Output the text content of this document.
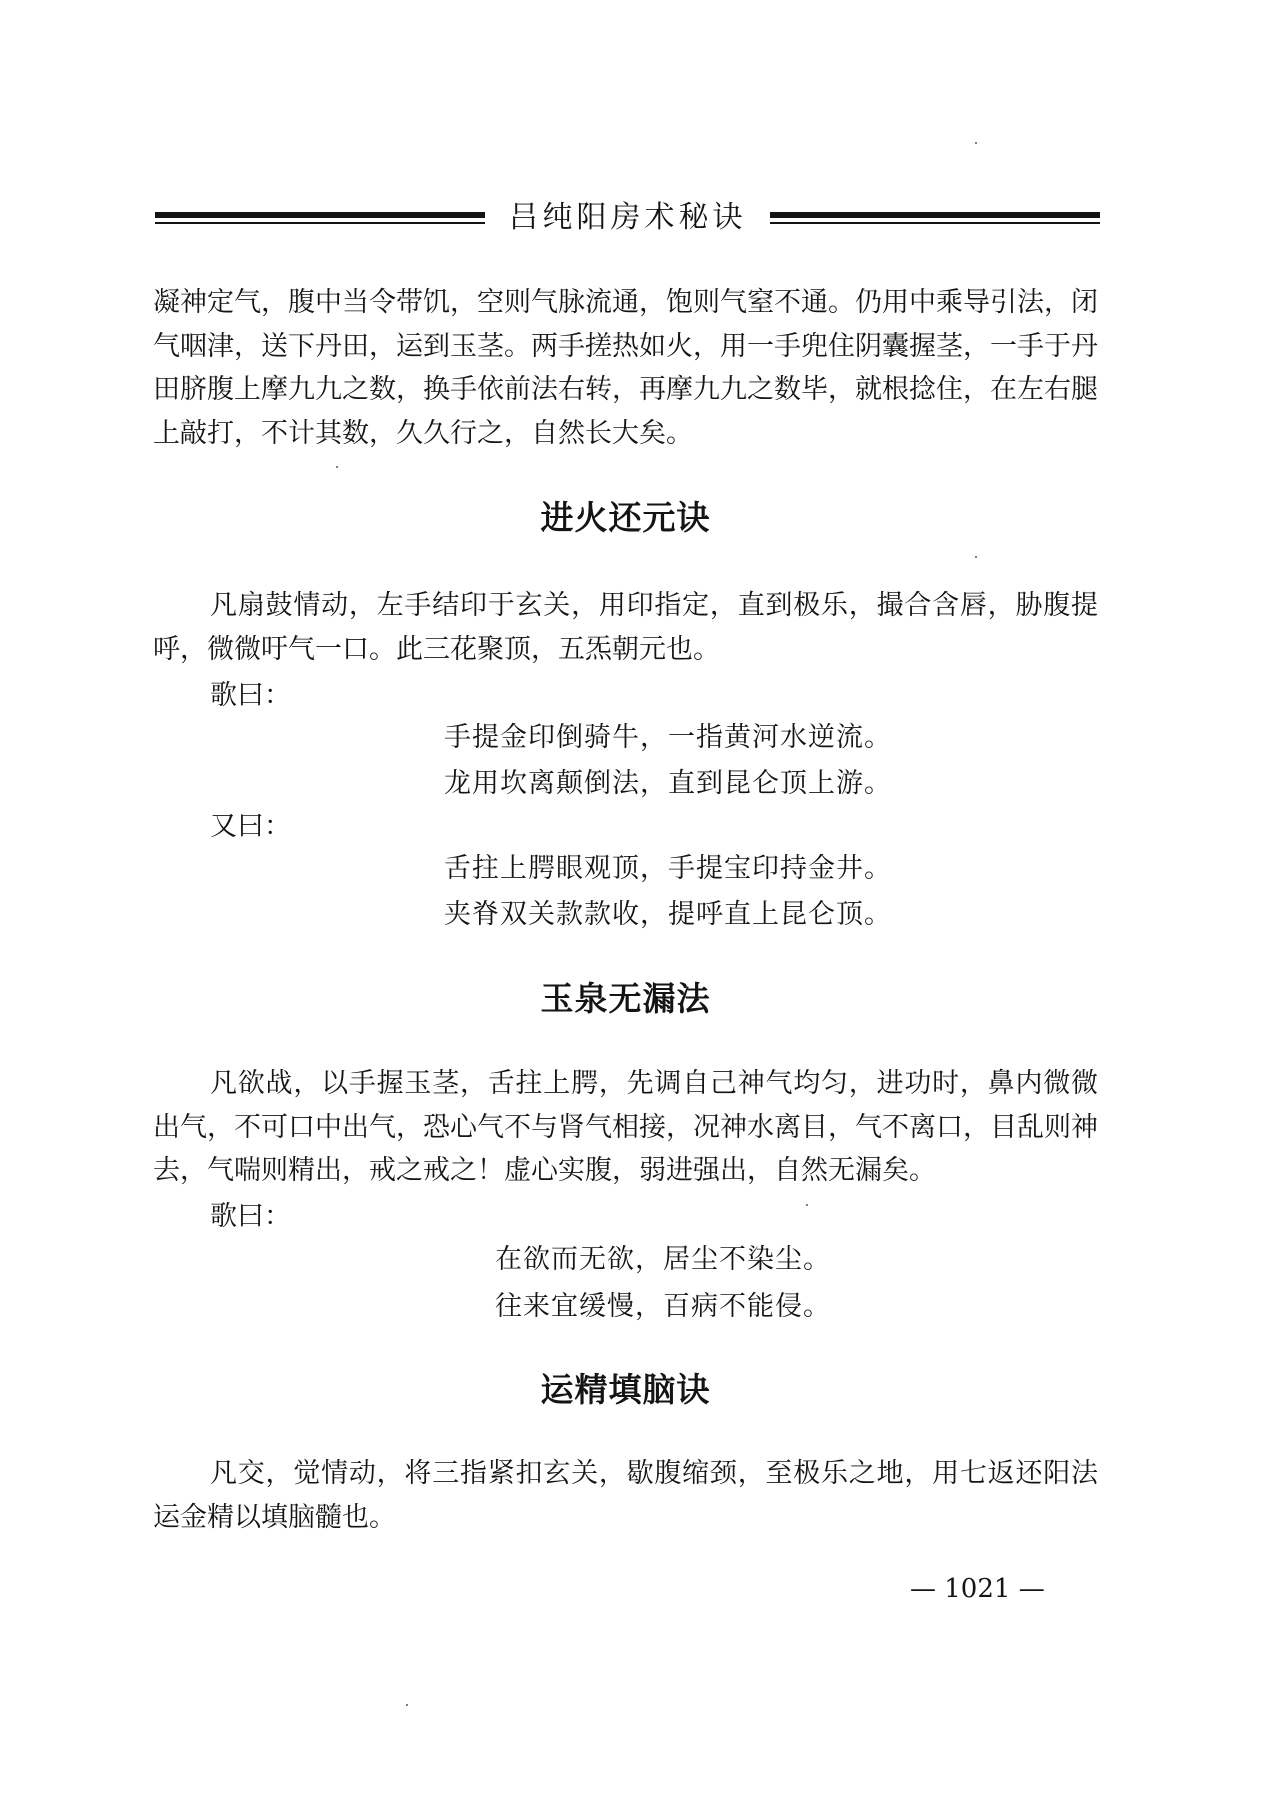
吕纯阳房术秘诀

凝神定气，腹中当令带饥，空则气脉流通，饱则气窒不通。仍用中乘导引法，闭气咽津，送下丹田，运到玉茎。两手搓热如火，用一手兜住阴囊握茎，一手于丹田脐腹上摩九九之数，换手依前法右转，再摩九九之数毕，就根捻住，在左右腿上敲打，不计其数，久久行之，自然长大矣。

进火还元诀

凡扇鼓情动，左手结印于玄关，用印指定，直到极乐，撮合含唇，胁腹提呼，微微吁气一口。此三花聚顶，五炁朝元也。

歌曰：
手提金印倒骑牛，一指黄河水逆流。
龙用坎离颠倒法，直到昆仑顶上游。
又曰：
舌拄上腭眼观顶，手提宝印持金井。
夹脊双关款款收，提呼直上昆仑顶。
玉泉无漏法

凡欲战，以手握玉茎，舌拄上腭，先调自己神气均匀，进功时，鼻内微微出气，不可口中出气，恐心气不与肾气相接，况神水离目，气不离口，目乱则神去，气喘则精出，戒之戒之！虚心实腹，弱进强出，自然无漏矣。

歌曰：
在欲而无欲，居尘不染尘。
往来宜缓慢，百病不能侵。
运精填脑诀

凡交，觉情动，将三指紧扣玄关，歇腹缩颈，至极乐之地，用七返还阳法运金精以填脑髓也。

— 1021 —
